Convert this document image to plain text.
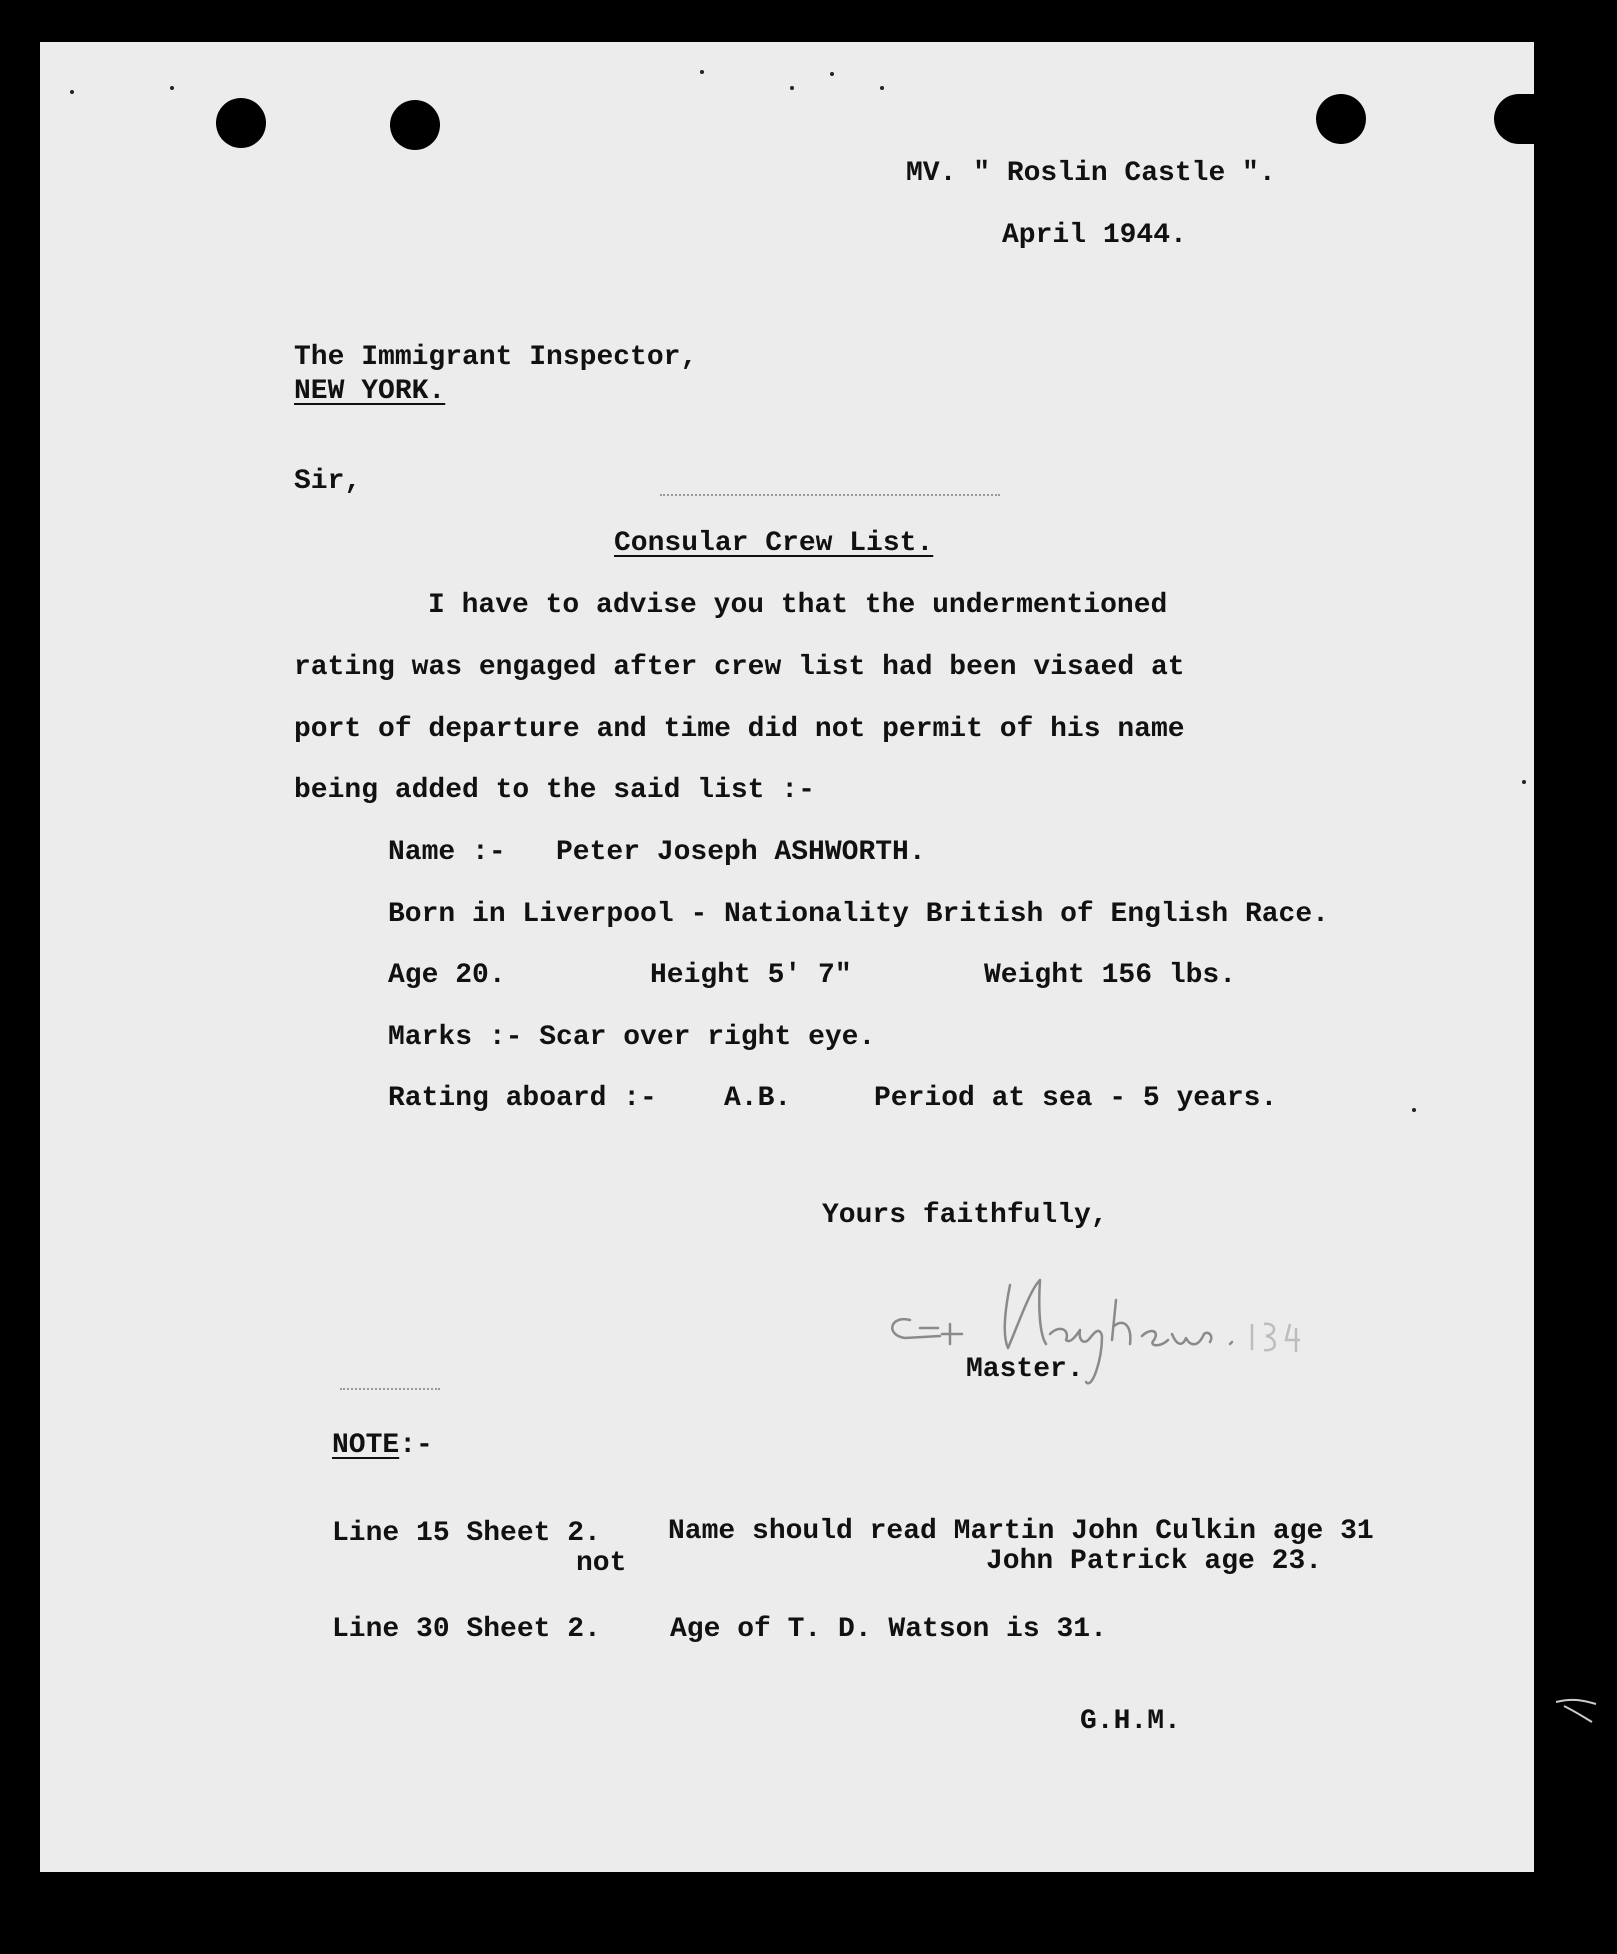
MV. " Roslin Castle ".
April 1944.
The Immigrant Inspector,
NEW YORK.
Sir,
Consular Crew List.
I have to advise you that the undermentioned
rating was engaged after crew list had been visaed at
port of departure and time did not permit of his name
being added to the said list :-
Name :- Peter Joseph ASHWORTH.
Born in Liverpool - Nationality British of English Race.
Age 20.	Height 5' 7"	Weight 156 lbs.
Marks :- Scar over right eye.
Rating aboard :- A.B.	Period at sea - 5 years.
Yours faithfully,
Master.
NOTE:-
Line 15 Sheet 2. Name should read Martin John Culkin age 31
not	John Patrick age 23.
Line 30 Sheet 2. Age of T. D. Watson is 31.
G.H.M.
